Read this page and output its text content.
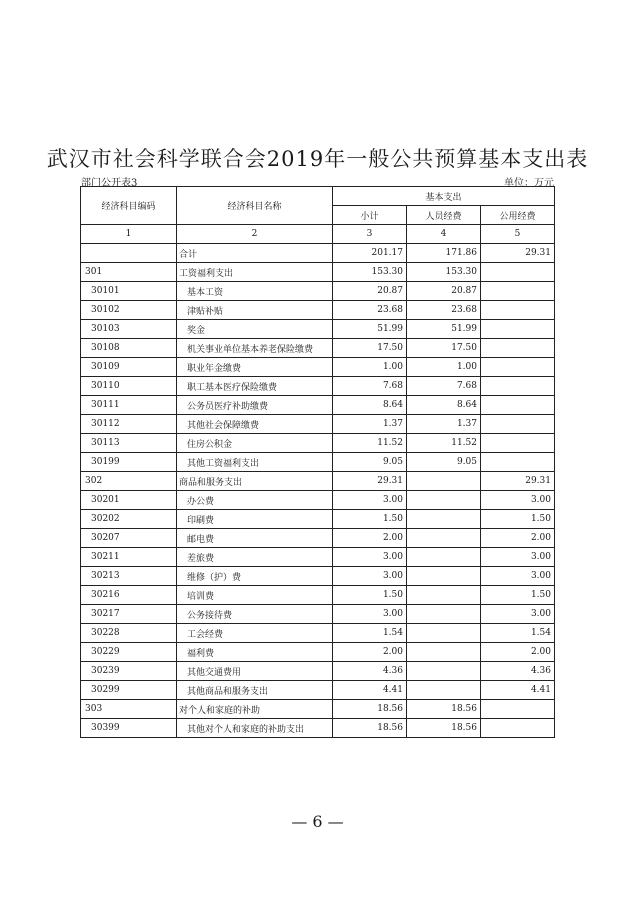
武汉市社会科学联合会2019年一般公共预算基本支出表
部门公开表3	单位：万元
经济科目编码	经济科目名称	基本支出		
		小计	人员经费	公用经费
1	2	3	4	5
	合计	201.17	171.86	29.31
301	工资福利支出	153.30	153.30	
30101	基本工资	20.87	20.87	
30102	津贴补贴	23.68	23.68	
30103	奖金	51.99	51.99	
30108	机关事业单位基本养老保险缴费	17.50	17.50	
30109	职业年金缴费	1.00	1.00	
30110	职工基本医疗保险缴费	7.68	7.68	
30111	公务员医疗补助缴费	8.64	8.64	
30112	其他社会保障缴费	1.37	1.37	
30113	住房公积金	11.52	11.52	
30199	其他工资福利支出	9.05	9.05	
302	商品和服务支出	29.31		29.31
30201	办公费	3.00		3.00
30202	印刷费	1.50		1.50
30207	邮电费	2.00		2.00
30211	差旅费	3.00		3.00
30213	维修（护）费	3.00		3.00
30216	培训费	1.50		1.50
30217	公务接待费	3.00		3.00
30228	工会经费	1.54		1.54
30229	福利费	2.00		2.00
30239	其他交通费用	4.36		4.36
30299	其他商品和服务支出	4.41		4.41
303	对个人和家庭的补助	18.56	18.56	
30399	其他对个人和家庭的补助支出	18.56	18.56	
— 6 —
